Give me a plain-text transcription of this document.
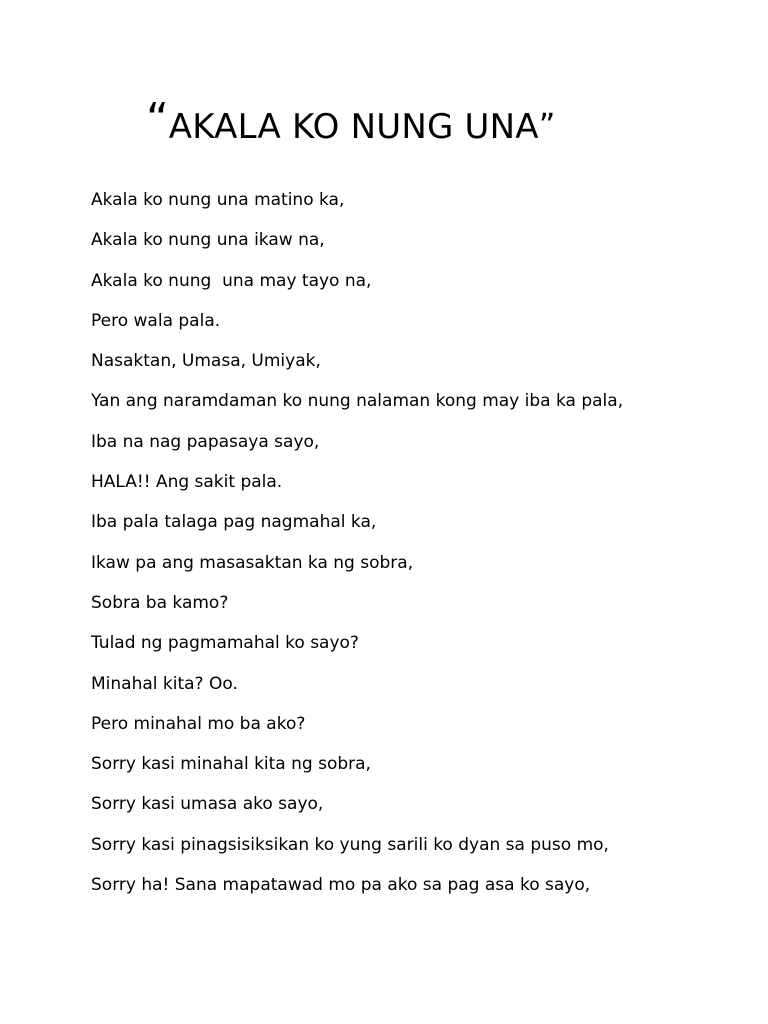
“AKALA KO NUNG UNA”
Akala ko nung una matino ka,
Akala ko nung una ikaw na,
Akala ko nung  una may tayo na,
Pero wala pala.
Nasaktan, Umasa, Umiyak,
Yan ang naramdaman ko nung nalaman kong may iba ka pala,
Iba na nag papasaya sayo,
HALA!! Ang sakit pala.
Iba pala talaga pag nagmahal ka,
Ikaw pa ang masasaktan ka ng sobra,
Sobra ba kamo?
Tulad ng pagmamahal ko sayo?
Minahal kita? Oo.
Pero minahal mo ba ako?
Sorry kasi minahal kita ng sobra,
Sorry kasi umasa ako sayo,
Sorry kasi pinagsisiksikan ko yung sarili ko dyan sa puso mo,
Sorry ha! Sana mapatawad mo pa ako sa pag asa ko sayo,
